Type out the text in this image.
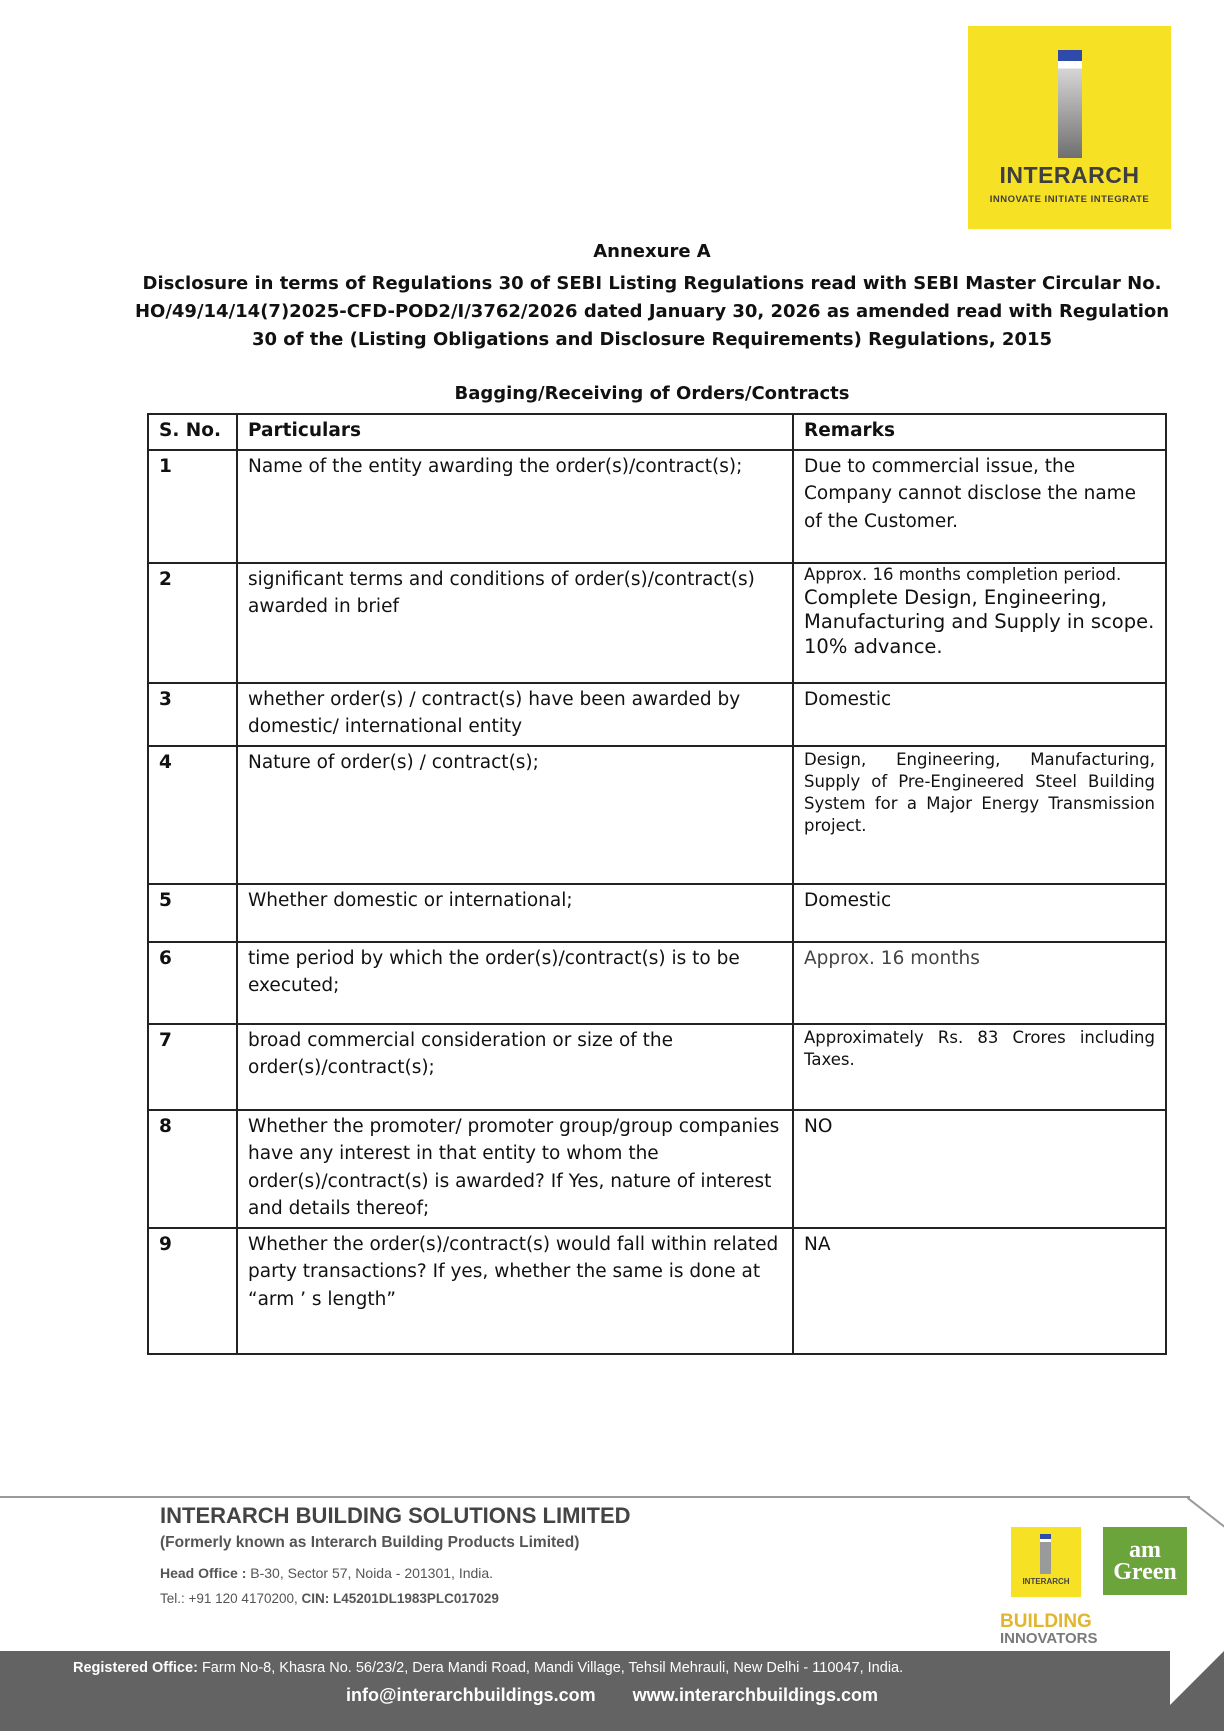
INTERARCH
INNOVATE INITIATE INTEGRATE
Annexure A
Disclosure in terms of Regulations 30 of SEBI Listing Regulations read with SEBI Master Circular No. HO/49/14/14(7)2025-CFD-POD2/I/3762/2026 dated January 30, 2026 as amended read with Regulation 30 of the (Listing Obligations and Disclosure Requirements) Regulations, 2015
Bagging/Receiving of Orders/Contracts
S. No.	Particulars	Remarks
1	Name of the entity awarding the order(s)/contract(s);	Due to commercial issue, the Company cannot disclose the name of the Customer.
2	significant terms and conditions of order(s)/contract(s) awarded in brief	Approx. 16 months completion period.
Complete Design, Engineering, Manufacturing and Supply in scope. 10% advance.

3	whether order(s) / contract(s) have been awarded by domestic/ international entity	Domestic
4	Nature of order(s) / contract(s);	Design, Engineering, Manufacturing, Supply of Pre-Engineered Steel Building System for a Major Energy Transmission project.

5	Whether domestic or international;	Domestic
6	time period by which the order(s)/contract(s) is to be executed;	Approx. 16 months
7	broad commercial consideration or size of the order(s)/contract(s);	Approximately Rs. 83 Crores including Taxes.

8	Whether the promoter/ promoter group/group companies have any interest in that entity to whom the order(s)/contract(s) is awarded? If Yes, nature of interest and details thereof;	NO
9	Whether the order(s)/contract(s) would fall within related party transactions? If yes, whether the same is done at “arm ’ s length”	NA
INTERARCH BUILDING SOLUTIONS LIMITED
(Formerly known as Interarch Building Products Limited)
Head Office : B-30, Sector 57, Noida - 201301, India.
Tel.: +91 120 4170200, CIN: L45201DL1983PLC017029
INTERARCH
am
Green
BUILDING
INNOVATORS
Registered Office: Farm No-8, Khasra No. 56/23/2, Dera Mandi Road, Mandi Village, Tehsil Mehrauli, New Delhi - 110047, India.
info@interarchbuildings.com www.interarchbuildings.com
